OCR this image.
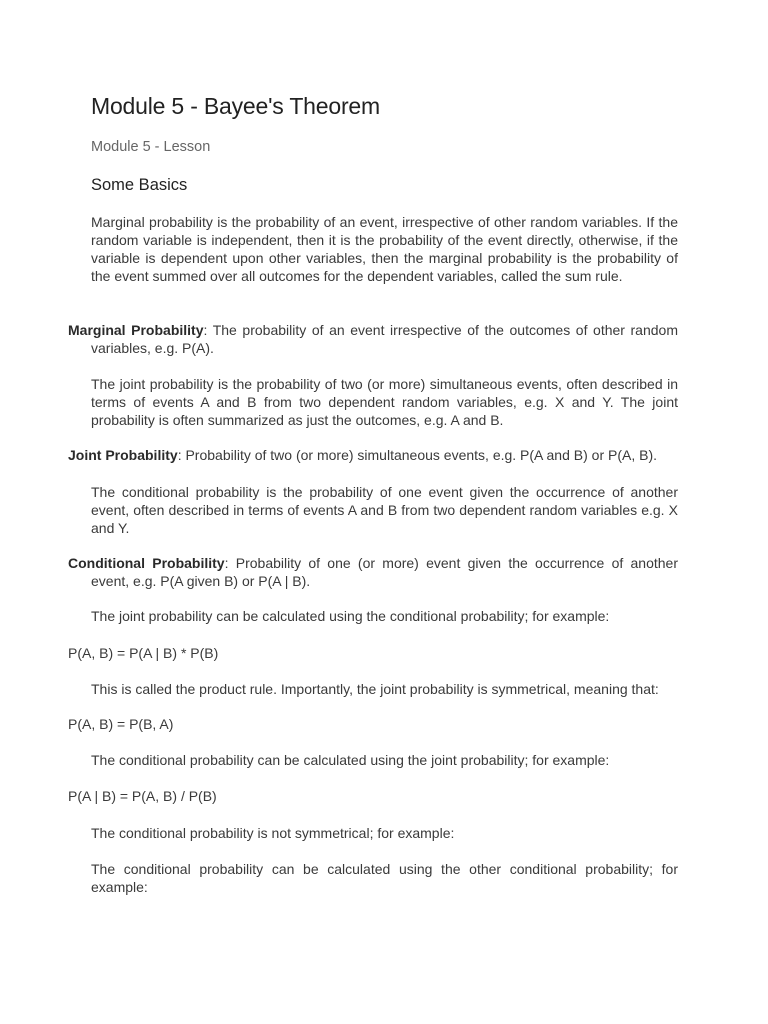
Module 5 - Bayee's Theorem

Module 5 - Lesson

Some Basics

Marginal probability is the probability of an event, irrespective of other random variables. If the random variable is independent, then it is the probability of the event directly, otherwise, if the variable is dependent upon other variables, then the marginal probability is the probability of the event summed over all outcomes for the dependent variables, called the sum rule.

Marginal Probability: The probability of an event irrespective of the outcomes of other random variables, e.g. P(A).

The joint probability is the probability of two (or more) simultaneous events, often described in terms of events A and B from two dependent random variables, e.g. X and Y. The joint probability is often summarized as just the outcomes, e.g. A and B.

Joint Probability: Probability of two (or more) simultaneous events, e.g. P(A and B) or P(A, B).

The conditional probability is the probability of one event given the occurrence of another event, often described in terms of events A and B from two dependent random variables e.g. X and Y.

Conditional Probability: Probability of one (or more) event given the occurrence of another event, e.g. P(A given B) or P(A | B).

The joint probability can be calculated using the conditional probability; for example:

P(A, B) = P(A | B) * P(B)

This is called the product rule. Importantly, the joint probability is symmetrical, meaning that:

P(A, B) = P(B, A)

The conditional probability can be calculated using the joint probability; for example:

P(A | B) = P(A, B) / P(B)

The conditional probability is not symmetrical; for example:

The conditional probability can be calculated using the other conditional probability; for example:
